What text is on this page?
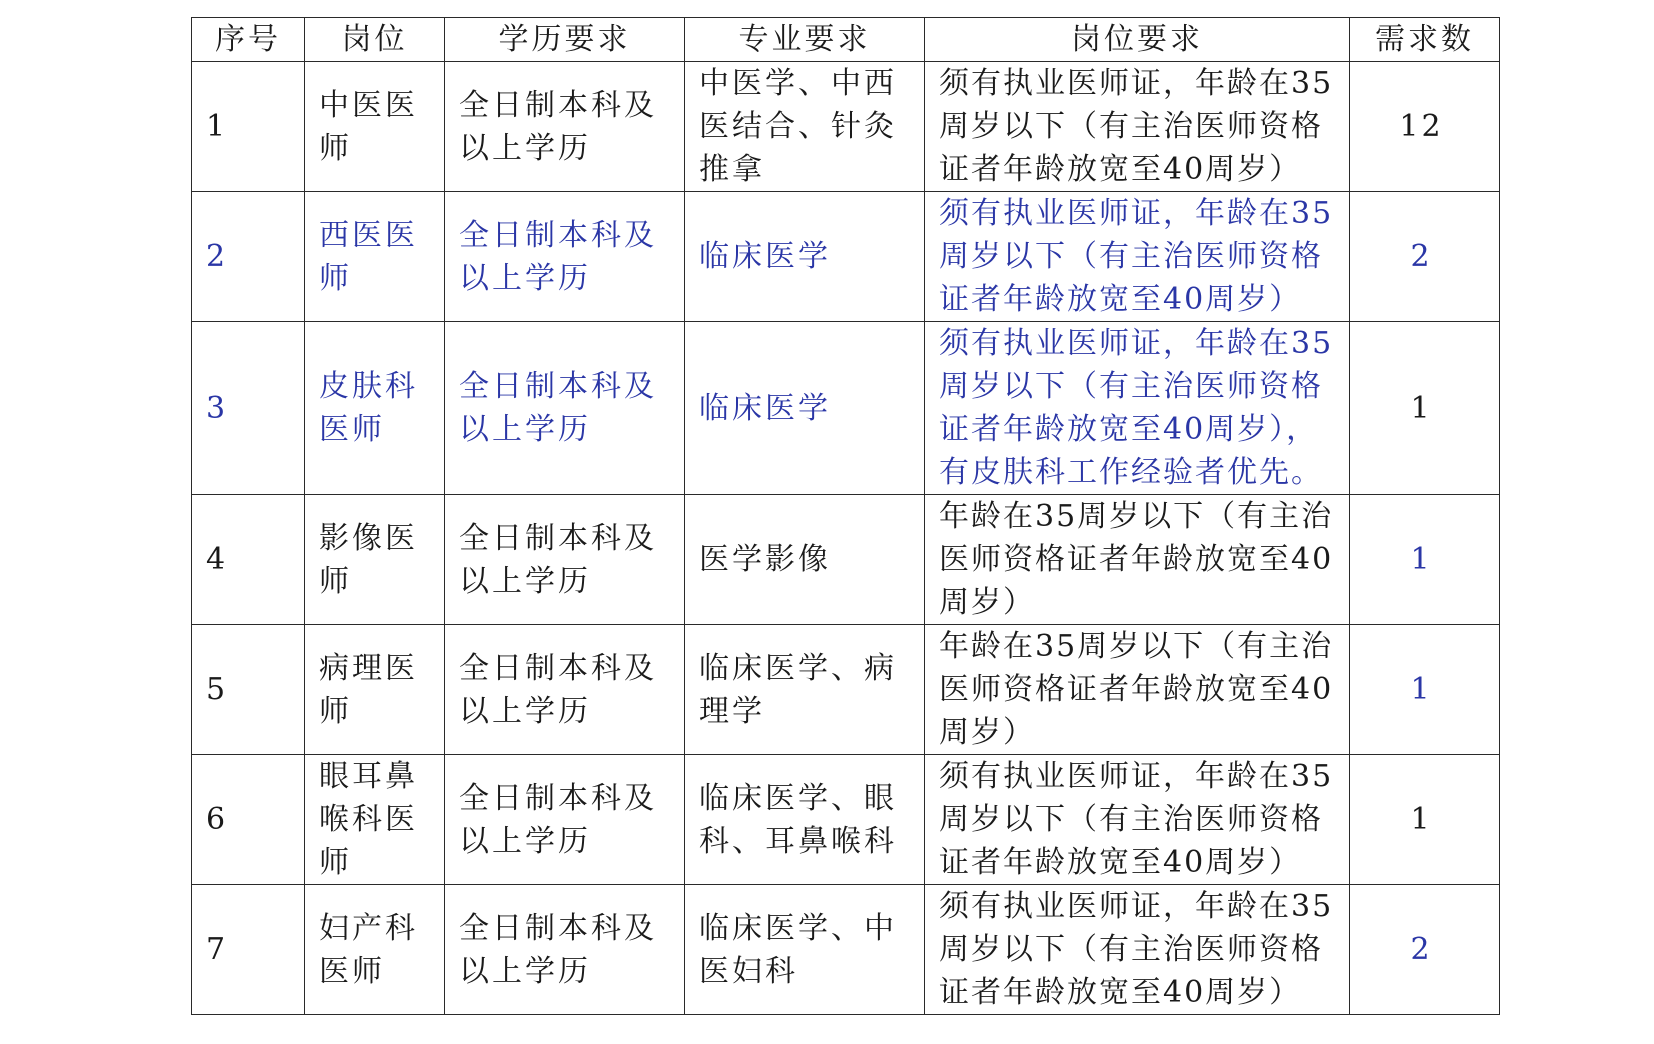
序号	岗位	学历要求	专业要求	岗位要求	需求数
1	中医医师	全日制本科及以上学历	中医学、中西医结合、针灸推拿	须有执业医师证，年龄在35周岁以下（有主治医师资格证者年龄放宽至40周岁）	12
2	西医医师	全日制本科及以上学历	临床医学	须有执业医师证，年龄在35周岁以下（有主治医师资格证者年龄放宽至40周岁）	2
3	皮肤科医师	全日制本科及以上学历	临床医学	须有执业医师证，年龄在35周岁以下（有主治医师资格证者年龄放宽至40周岁），有皮肤科工作经验者优先。	1
4	影像医师	全日制本科及以上学历	医学影像	年龄在35周岁以下（有主治医师资格证者年龄放宽至40周岁）	1
5	病理医师	全日制本科及以上学历	临床医学、病理学	年龄在35周岁以下（有主治医师资格证者年龄放宽至40周岁）	1
6	眼耳鼻喉科医师	全日制本科及以上学历	临床医学、眼科、耳鼻喉科	须有执业医师证，年龄在35周岁以下（有主治医师资格证者年龄放宽至40周岁）	1
7	妇产科医师	全日制本科及以上学历	临床医学、中医妇科	须有执业医师证，年龄在35周岁以下（有主治医师资格证者年龄放宽至40周岁）	2
